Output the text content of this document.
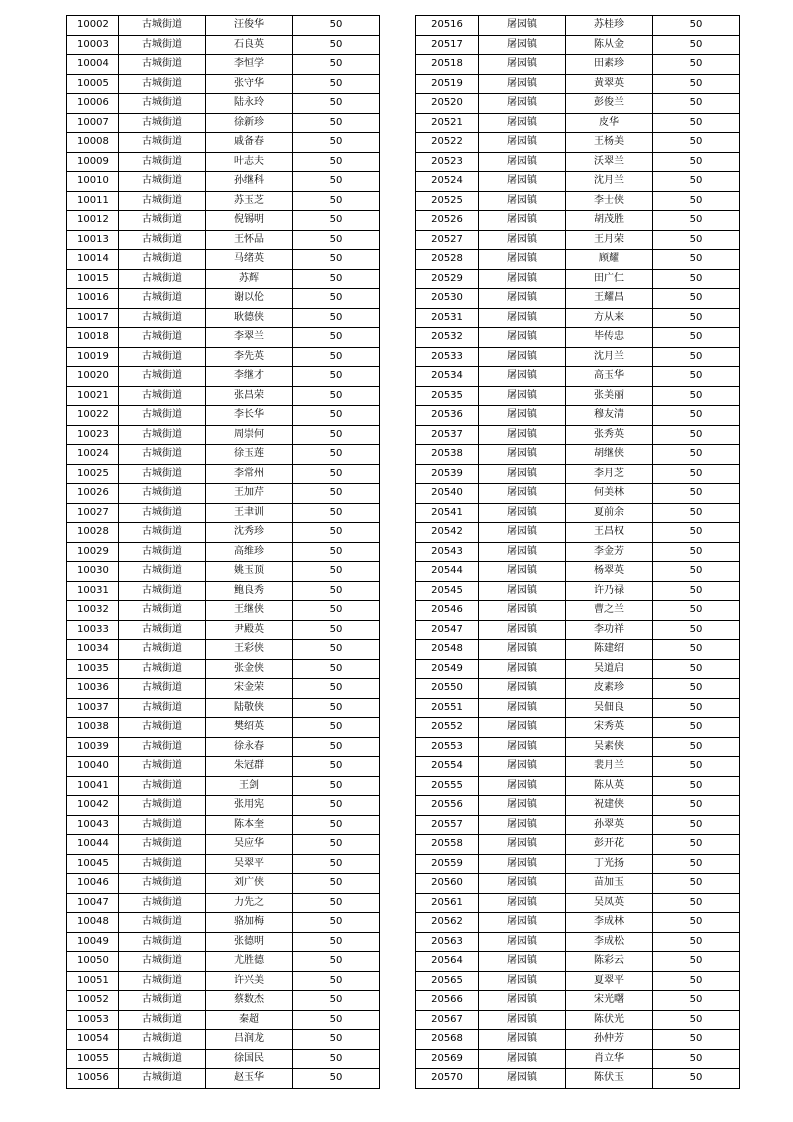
10002	古城街道	汪俊华	50
10003	古城街道	石良英	50
10004	古城街道	李恒学	50
10005	古城街道	张守华	50
10006	古城街道	陆永玲	50
10007	古城街道	徐新珍	50
10008	古城街道	戚备春	50
10009	古城街道	叶志夫	50
10010	古城街道	孙继科	50
10011	古城街道	苏玉芝	50
10012	古城街道	倪锡明	50
10013	古城街道	王怀品	50
10014	古城街道	马绪英	50
10015	古城街道	苏辉	50
10016	古城街道	谢以伦	50
10017	古城街道	耿德侠	50
10018	古城街道	李翠兰	50
10019	古城街道	李先英	50
10020	古城街道	李继才	50
10021	古城街道	张昌荣	50
10022	古城街道	李长华	50
10023	古城街道	周崇何	50
10024	古城街道	徐玉莲	50
10025	古城街道	李常州	50
10026	古城街道	王加芹	50
10027	古城街道	王聿训	50
10028	古城街道	沈秀珍	50
10029	古城街道	高维珍	50
10030	古城街道	姚玉顶	50
10031	古城街道	鲍良秀	50
10032	古城街道	王继侠	50
10033	古城街道	尹殿英	50
10034	古城街道	王彩侠	50
10035	古城街道	张金侠	50
10036	古城街道	宋金荣	50
10037	古城街道	陆敬侠	50
10038	古城街道	樊绍英	50
10039	古城街道	徐永春	50
10040	古城街道	朱冠群	50
10041	古城街道	王剑	50
10042	古城街道	张用宪	50
10043	古城街道	陈本奎	50
10044	古城街道	吴应华	50
10045	古城街道	吴翠平	50
10046	古城街道	刘广侠	50
10047	古城街道	力先之	50
10048	古城街道	骆加梅	50
10049	古城街道	张德明	50
10050	古城街道	尤胜德	50
10051	古城街道	许兴美	50
10052	古城街道	蔡数杰	50
10053	古城街道	秦超	50
10054	古城街道	吕润龙	50
10055	古城街道	徐国民	50
10056	古城街道	赵玉华	50
20516	屠园镇	苏桂珍	50
20517	屠园镇	陈从金	50
20518	屠园镇	田素珍	50
20519	屠园镇	黄翠英	50
20520	屠园镇	彭俊兰	50
20521	屠园镇	皮华	50
20522	屠园镇	王杨美	50
20523	屠园镇	沃翠兰	50
20524	屠园镇	沈月兰	50
20525	屠园镇	李士侠	50
20526	屠园镇	胡茂胜	50
20527	屠园镇	王月荣	50
20528	屠园镇	顾耀	50
20529	屠园镇	田广仁	50
20530	屠园镇	王耀昌	50
20531	屠园镇	方从来	50
20532	屠园镇	毕传忠	50
20533	屠园镇	沈月兰	50
20534	屠园镇	高玉华	50
20535	屠园镇	张美丽	50
20536	屠园镇	穆友清	50
20537	屠园镇	张秀英	50
20538	屠园镇	胡继侠	50
20539	屠园镇	李月芝	50
20540	屠园镇	何美林	50
20541	屠园镇	夏前余	50
20542	屠园镇	王昌权	50
20543	屠园镇	李金芳	50
20544	屠园镇	杨翠英	50
20545	屠园镇	许乃禄	50
20546	屠园镇	曹之兰	50
20547	屠园镇	李功祥	50
20548	屠园镇	陈建绍	50
20549	屠园镇	吴道启	50
20550	屠园镇	皮素珍	50
20551	屠园镇	吴佃良	50
20552	屠园镇	宋秀英	50
20553	屠园镇	吴素侠	50
20554	屠园镇	裴月兰	50
20555	屠园镇	陈从英	50
20556	屠园镇	祝建侠	50
20557	屠园镇	孙翠英	50
20558	屠园镇	彭开花	50
20559	屠园镇	丁光扬	50
20560	屠园镇	苗加玉	50
20561	屠园镇	吴凤英	50
20562	屠园镇	李成林	50
20563	屠园镇	李成松	50
20564	屠园镇	陈彩云	50
20565	屠园镇	夏翠平	50
20566	屠园镇	宋光曙	50
20567	屠园镇	陈伏光	50
20568	屠园镇	孙仲芳	50
20569	屠园镇	肖立华	50
20570	屠园镇	陈伏玉	50
